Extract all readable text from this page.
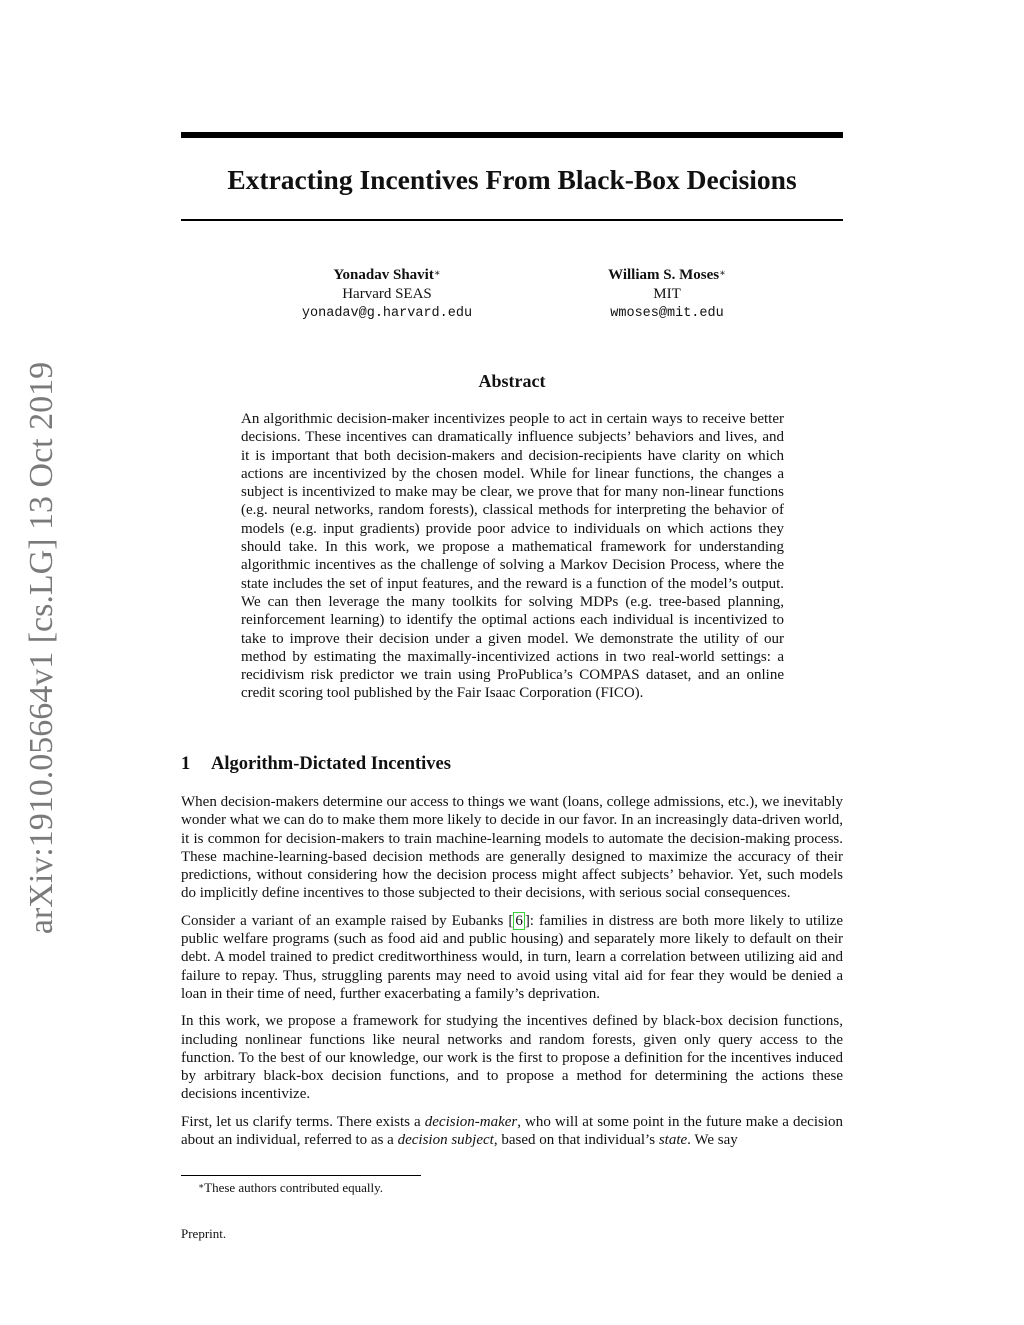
arXiv:1910.05664v1 [cs.LG] 13 Oct 2019
Extracting Incentives From Black-Box Decisions
Yonadav Shavit∗
Harvard SEAS
yonadav@g.harvard.edu
William S. Moses∗
MIT
wmoses@mit.edu
Abstract

An algorithmic decision-maker incentivizes people to act in certain ways to receive better decisions. These incentives can dramatically influence subjects’ behaviors and lives, and it is important that both decision-makers and decision-recipients have clarity on which actions are incentivized by the chosen model. While for linear functions, the changes a subject is incentivized to make may be clear, we prove that for many non-linear functions (e.g. neural networks, random forests), classical methods for interpreting the behavior of models (e.g. input gradients) provide poor advice to individuals on which actions they should take. In this work, we propose a mathematical framework for understanding algorithmic incentives as the challenge of solving a Markov Decision Process, where the state includes the set of input features, and the reward is a function of the model’s output. We can then leverage the many toolkits for solving MDPs (e.g. tree-based planning, reinforcement learning) to identify the optimal actions each individual is incentivized to take to improve their decision under a given model. We demonstrate the utility of our method by estimating the maximally-incentivized actions in two real-world settings: a recidivism risk predictor we train using ProPublica’s COMPAS dataset, and an online credit scoring tool published by the Fair Isaac Corporation (FICO).

1 Algorithm-Dictated Incentives

When decision-makers determine our access to things we want (loans, college admissions, etc.), we inevitably wonder what we can do to make them more likely to decide in our favor. In an increasingly data-driven world, it is common for decision-makers to train machine-learning models to automate the decision-making process. These machine-learning-based decision methods are generally designed to maximize the accuracy of their predictions, without considering how the decision process might affect subjects’ behavior. Yet, such models do implicitly define incentives to those subjected to their decisions, with serious social consequences.

Consider a variant of an example raised by Eubanks [ 6 ]: families in distress are both more likely to utilize public welfare programs (such as food aid and public housing) and separately more likely to default on their debt. A model trained to predict creditworthiness would, in turn, learn a correlation between utilizing aid and failure to repay. Thus, struggling parents may need to avoid using vital aid for fear they would be denied a loan in their time of need, further exacerbating a family’s deprivation.

In this work, we propose a framework for studying the incentives defined by black-box decision functions, including nonlinear functions like neural networks and random forests, given only query access to the function. To the best of our knowledge, our work is the first to propose a definition for the incentives induced by arbitrary black-box decision functions, and to propose a method for determining the actions these decisions incentivize.

First, let us clarify terms. There exists a decision-maker, who will at some point in the future make a decision about an individual, referred to as a decision subject, based on that individual’s state. We say

∗These authors contributed equally.
Preprint.
